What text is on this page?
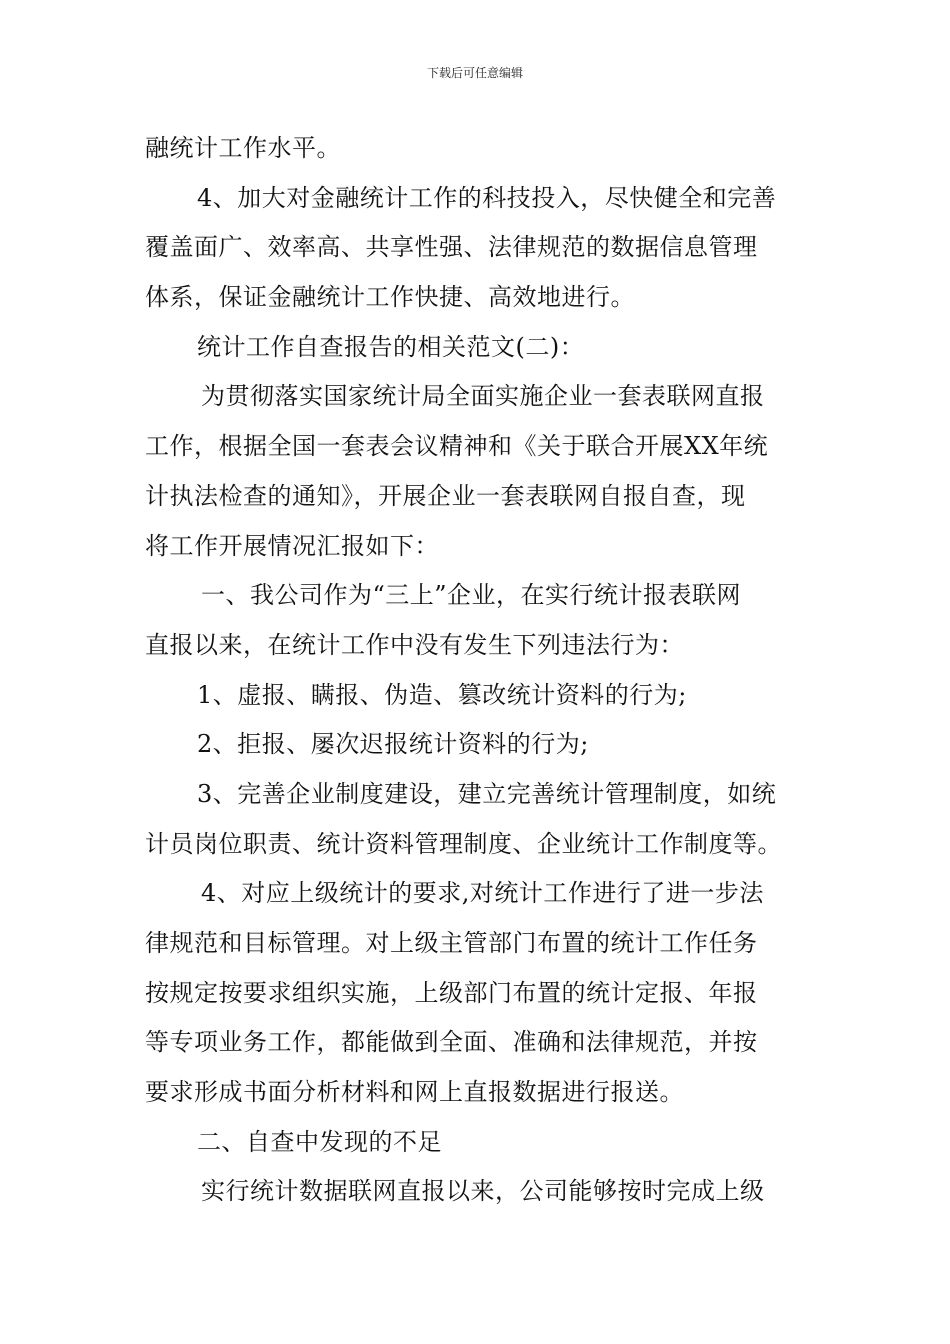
下载后可任意编辑
融统计工作水平。
4、加大对金融统计工作的科技投入，尽快健全和完善
覆盖面广、效率高、共享性强、法律规范的数据信息管理
体系，保证金融统计工作快捷、高效地进行。
统计工作自查报告的相关范文(二)：
为贯彻落实国家统计局全面实施企业一套表联网直报
工作，根据全国一套表会议精神和《关于联合开展XX年统
计执法检查的通知》，开展企业一套表联网自报自查，现
将工作开展情况汇报如下：
一、我公司作为“三上”企业，在实行统计报表联网
直报以来，在统计工作中没有发生下列违法行为：
1、虚报、瞒报、伪造、篡改统计资料的行为;
2、拒报、屡次迟报统计资料的行为;
3、完善企业制度建设，建立完善统计管理制度，如统
计员岗位职责、统计资料管理制度、企业统计工作制度等。
4、对应上级统计的要求,对统计工作进行了进一步法
律规范和目标管理。对上级主管部门布置的统计工作任务
按规定按要求组织实施，上级部门布置的统计定报、年报
等专项业务工作，都能做到全面、准确和法律规范，并按
要求形成书面分析材料和网上直报数据进行报送。
二、自查中发现的不足
实行统计数据联网直报以来，公司能够按时完成上级
